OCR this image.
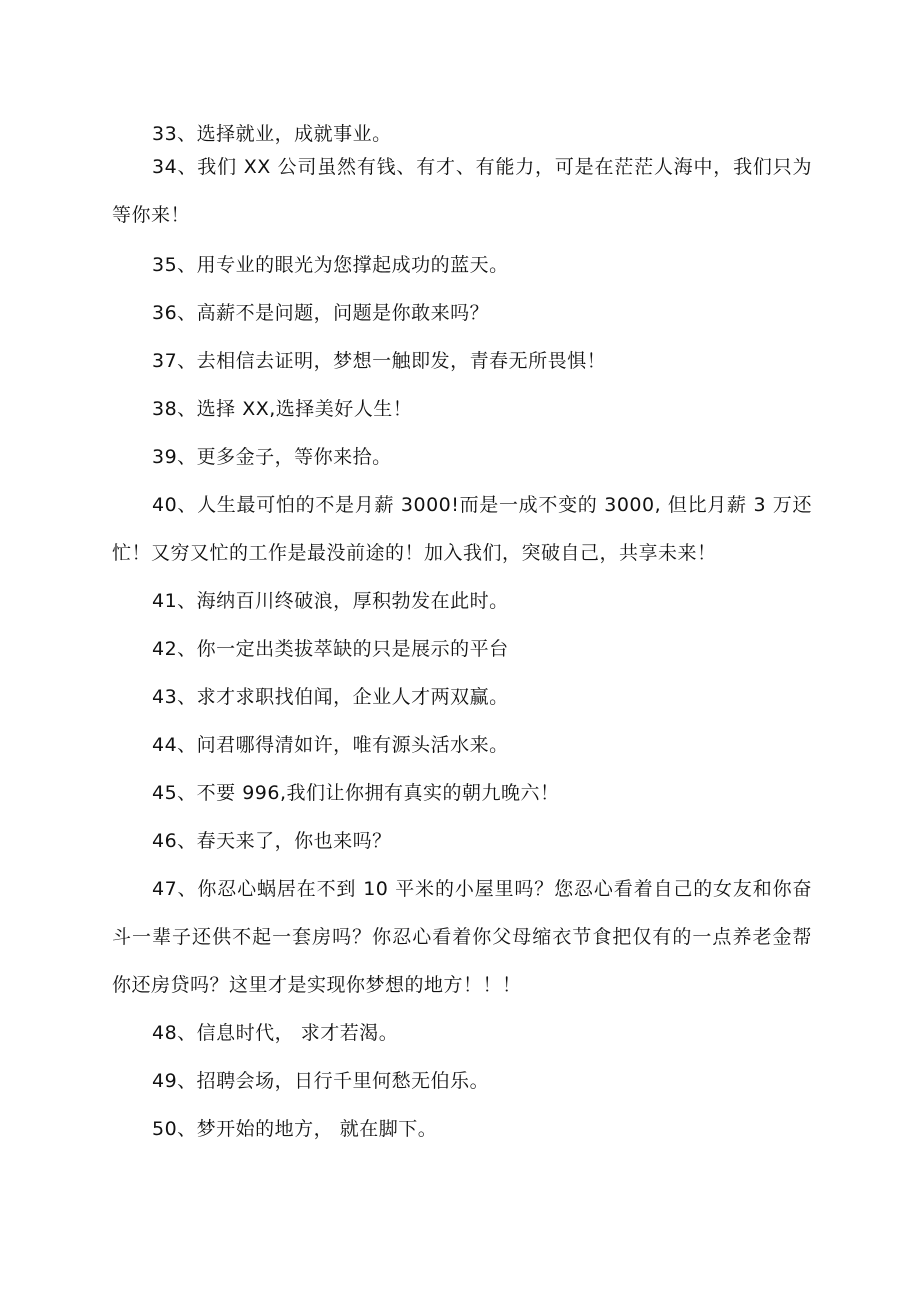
33、选择就业，成就事业。

34、我们 XX 公司虽然有钱、有才、有能力，可是在茫茫人海中，我们只为等你来！

35、用专业的眼光为您撑起成功的蓝天。

36、高薪不是问题，问题是你敢来吗？

37、去相信去证明，梦想一触即发，青春无所畏惧！

38、选择 XX,选择美好人生！

39、更多金子，等你来拾。

40、人生最可怕的不是月薪 3000!而是一成不变的 3000, 但比月薪 3 万还忙！又穷又忙的工作是最没前途的！加入我们，突破自己，共享未来！

41、海纳百川终破浪，厚积勃发在此时。

42、你一定出类拔萃缺的只是展示的平台

43、求才求职找伯闻，企业人才两双赢。

44、问君哪得清如许，唯有源头活水来。

45、不要 996,我们让你拥有真实的朝九晚六！

46、春天来了，你也来吗？

47、你忍心蜗居在不到 10 平米的小屋里吗？您忍心看着自己的女友和你奋斗一辈子还供不起一套房吗？你忍心看着你父母缩衣节食把仅有的一点养老金帮你还房贷吗？这里才是实现你梦想的地方！！！

48、信息时代， 求才若渴。

49、招聘会场，日行千里何愁无伯乐。

50、梦开始的地方， 就在脚下。
